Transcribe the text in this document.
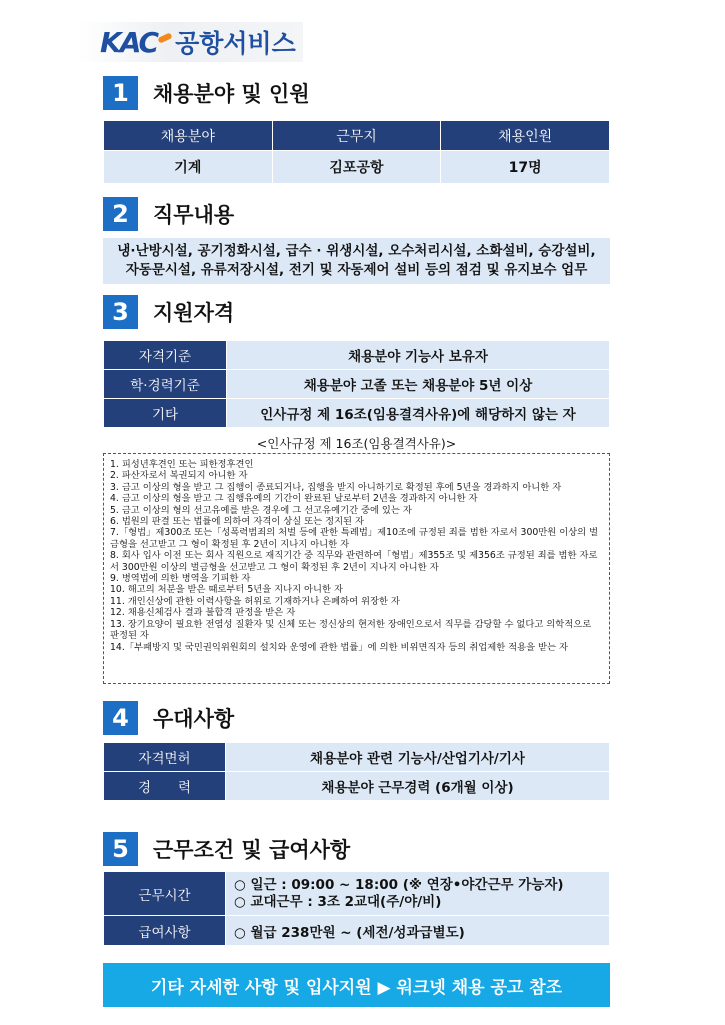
KAC 공항서비스
1	채용분야 및 인원
채용분야	근무지	채용인원
기계	김포공항	17명
2	직무내용
냉·난방시설, 공기정화시설, 급수 · 위생시설, 오수처리시설, 소화설비, 승강설비,
자동문시설, 유류저장시설, 전기 및 자동제어 설비 등의 점검 및 유지보수 업무
3	지원자격
자격기준	채용분야 기능사 보유자
학·경력기준	채용분야 고졸 또는 채용분야 5년 이상
기타	인사규정 제 16조(임용결격사유)에 해당하지 않는 자
<인사규정 제 16조(임용결격사유)>
1. 피성년후견인 또는 피한정후견인
2. 파산자로서 복권되지 아니한 자
3. 금고 이상의 형을 받고 그 집행이 종료되거나, 집행을 받지 아니하기로 확정된 후에 5년을 경과하지 아니한 자
4. 금고 이상의 형을 받고 그 집행유예의 기간이 완료된 날로부터 2년을 경과하지 아니한 자
5. 금고 이상의 형의 선고유예를 받은 경우에 그 선고유예기간 중에 있는 자
6. 법원의 판결 또는 법률에 의하여 자격이 상실 또는 정지된 자
7.「형법」제300조 또는「성폭력범죄의 처벌 등에 관한 특례법」제10조에 규정된 죄를 범한 자로서 300만원 이상의 벌금형을 선고받고 그 형이 확정된 후 2년이 지나지 아니한 자
8. 회사 입사 이전 또는 회사 직원으로 재직기간 중 직무와 관련하여「형법」제355조 및 제356조 규정된 죄를 범한 자로서 300만원 이상의 벌금형을 선고받고 그 형이 확정된 후 2년이 지나지 아니한 자
9. 병역법에 의한 병역을 기피한 자
10. 해고의 처분을 받은 때로부터 5년을 지나지 아니한 자
11. 개인신상에 관한 이력사항을 허위로 기재하거나 은폐하여 위장한 자
12. 채용신체검사 결과 불합격 판정을 받은 자
13. 장기요양이 필요한 전염성 질환자 및 신체 또는 정신상의 현저한 장애인으로서 직무를 감당할 수 없다고 의학적으로 판정된 자
14.「부패방지 및 국민권익위원회의 설치와 운영에 관한 법률」에 의한 비위면직자 등의 취업제한 적용을 받는 자
4	우대사항
자격면허	채용분야 관련 기능사/산업기사/기사
경　　력	채용분야 근무경력 (6개월 이상)
5	근무조건 및 급여사항
근무시간	○ 일근 : 09:00 ~ 18:00 (※ 연장•야간근무 가능자)
○ 교대근무 : 3조 2교대(주/야/비)

급여사항	○ 월급 238만원 ~ (세전/성과급별도)
기타 자세한 사항 및 입사지원 ▶ 워크넷 채용 공고 참조
